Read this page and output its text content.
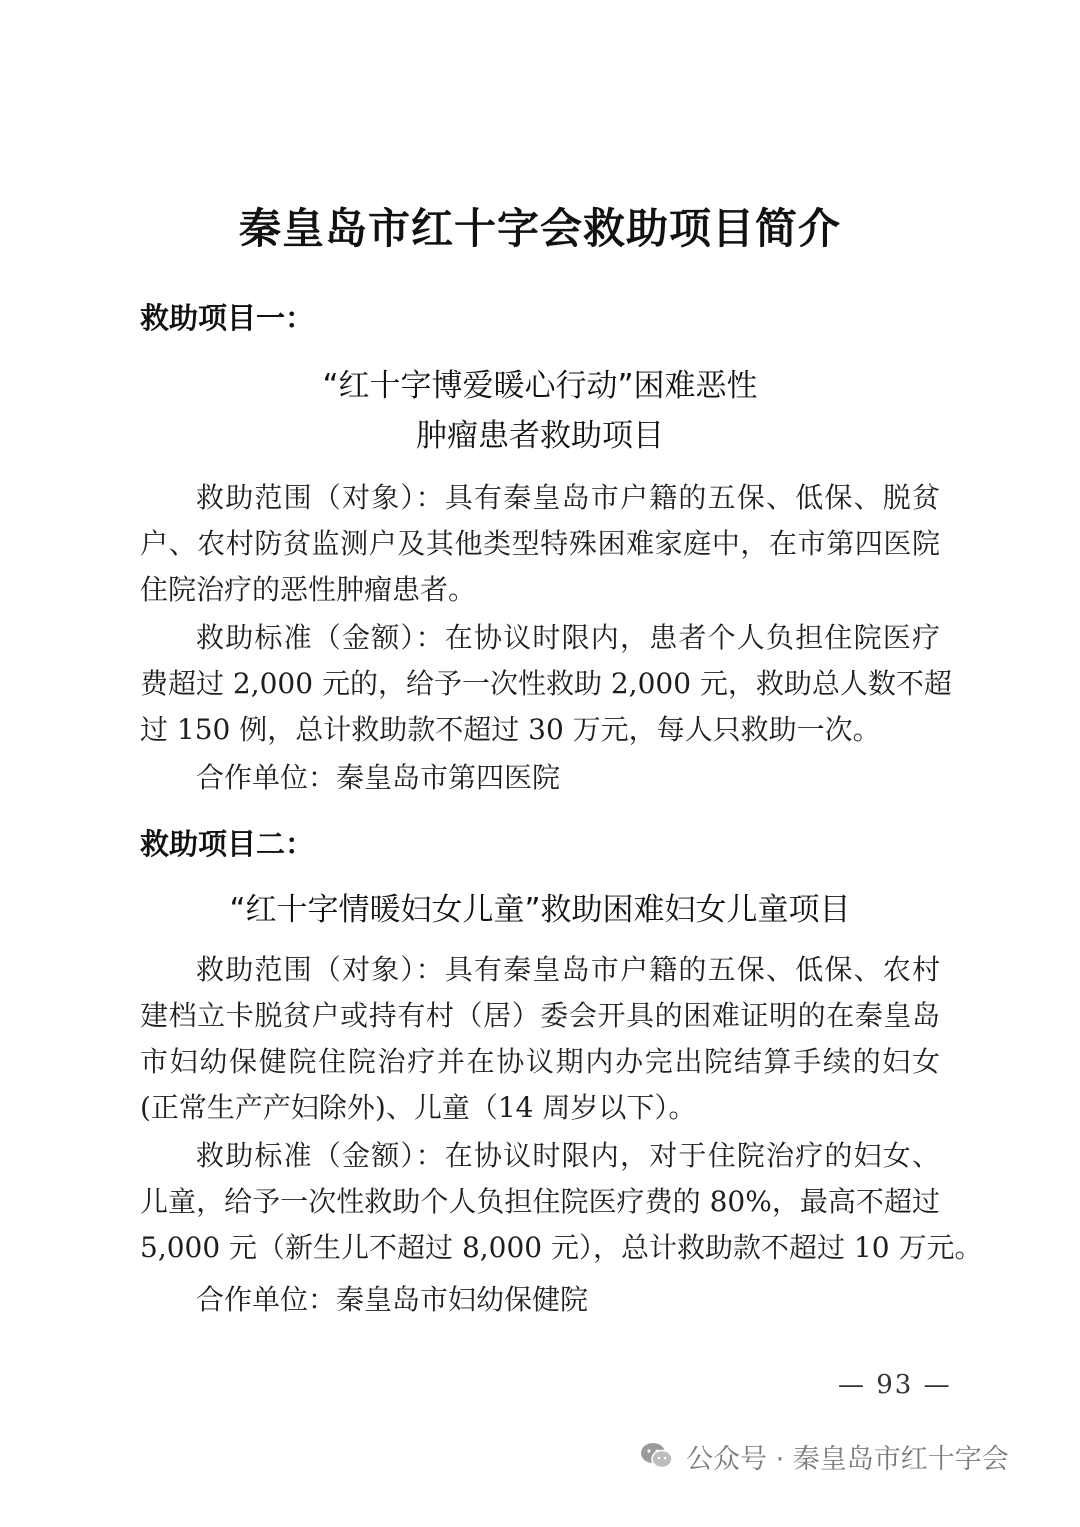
秦皇岛市红十字会救助项目简介
救助项目一：
“红十字博爱暖心行动”困难恶性
肿瘤患者救助项目
救助范围（对象）：具有秦皇岛市户籍的五保、低保、脱贫
户、农村防贫监测户及其他类型特殊困难家庭中，在市第四医院
住院治疗的恶性肿瘤患者。
救助标准（金额）：在协议时限内，患者个人负担住院医疗
费超过 2,000 元的，给予一次性救助 2,000 元，救助总人数不超
过 150 例，总计救助款不超过 30 万元，每人只救助一次。
合作单位：秦皇岛市第四医院
救助项目二：
“红十字情暖妇女儿童”救助困难妇女儿童项目
救助范围（对象）：具有秦皇岛市户籍的五保、低保、农村
建档立卡脱贫户或持有村（居）委会开具的困难证明的在秦皇岛
市妇幼保健院住院治疗并在协议期内办完出院结算手续的妇女
(正常生产产妇除外)、儿童（14 周岁以下）。
救助标准（金额）：在协议时限内，对于住院治疗的妇女、
儿童，给予一次性救助个人负担住院医疗费的 80%，最高不超过
5,000 元（新生儿不超过 8,000 元），总计救助款不超过 10 万元。
合作单位：秦皇岛市妇幼保健院
— 93 —
公众号 · 秦皇岛市红十字会
